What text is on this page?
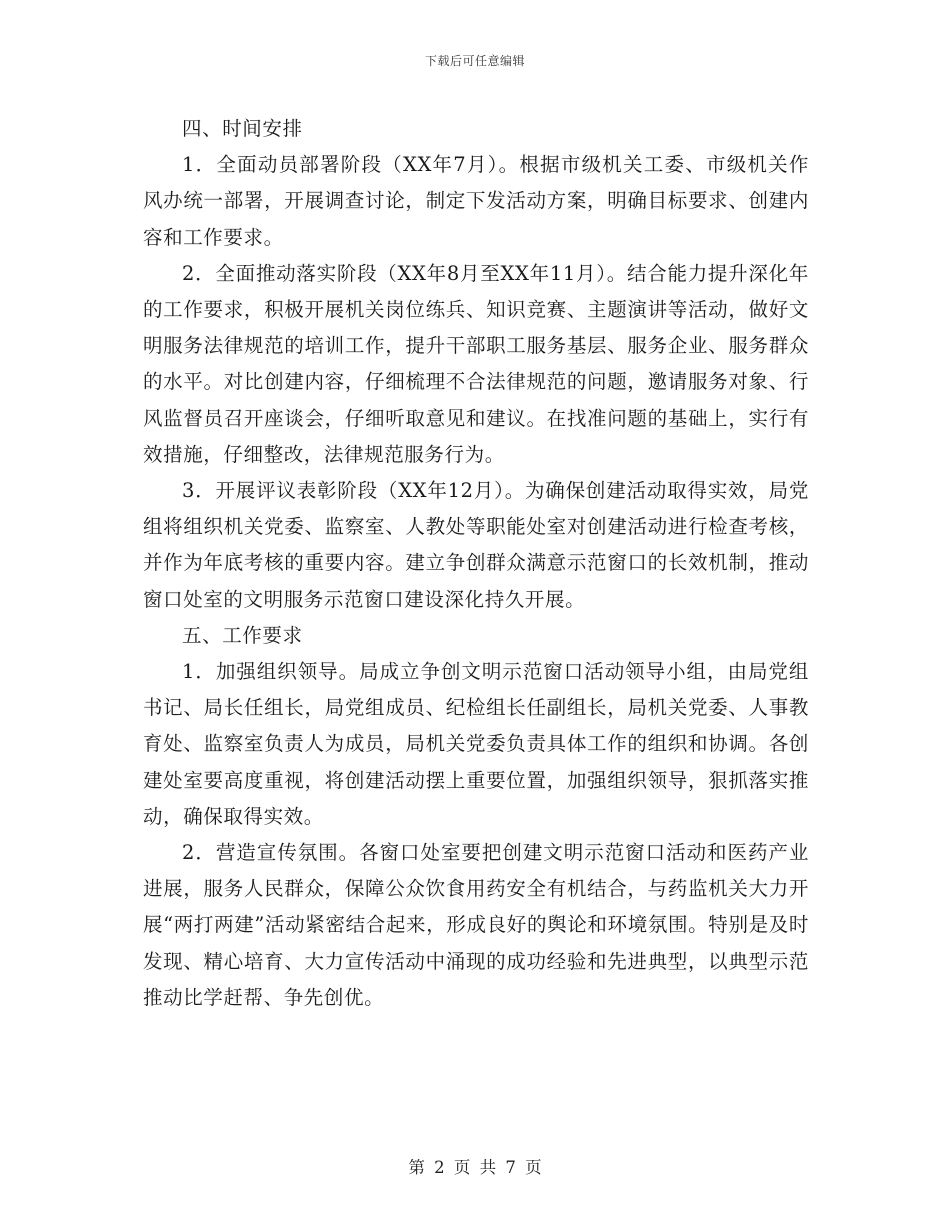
下载后可任意编辑

四、时间安排

1．全面动员部署阶段（XX年7月）。根据市级机关工委、市级机关作风办统一部署，开展调查讨论，制定下发活动方案，明确目标要求、创建内容和工作要求。

2．全面推动落实阶段（XX年8月至XX年11月）。结合能力提升深化年的工作要求，积极开展机关岗位练兵、知识竞赛、主题演讲等活动，做好文明服务法律规范的培训工作，提升干部职工服务基层、服务企业、服务群众的水平。对比创建内容，仔细梳理不合法律规范的问题，邀请服务对象、行风监督员召开座谈会，仔细听取意见和建议。在找准问题的基础上，实行有效措施，仔细整改，法律规范服务行为。

3．开展评议表彰阶段（XX年12月）。为确保创建活动取得实效，局党组将组织机关党委、监察室、人教处等职能处室对创建活动进行检查考核，并作为年底考核的重要内容。建立争创群众满意示范窗口的长效机制，推动窗口处室的文明服务示范窗口建设深化持久开展。

五、工作要求

1．加强组织领导。局成立争创文明示范窗口活动领导小组，由局党组书记、局长任组长，局党组成员、纪检组长任副组长，局机关党委、人事教育处、监察室负责人为成员，局机关党委负责具体工作的组织和协调。各创建处室要高度重视，将创建活动摆上重要位置，加强组织领导，狠抓落实推动，确保取得实效。

2．营造宣传氛围。各窗口处室要把创建文明示范窗口活动和医药产业进展，服务人民群众，保障公众饮食用药安全有机结合，与药监机关大力开展“两打两建”活动紧密结合起来，形成良好的舆论和环境氛围。特别是及时发现、精心培育、大力宣传活动中涌现的成功经验和先进典型，以典型示范推动比学赶帮、争先创优。

第 2 页 共 7 页
